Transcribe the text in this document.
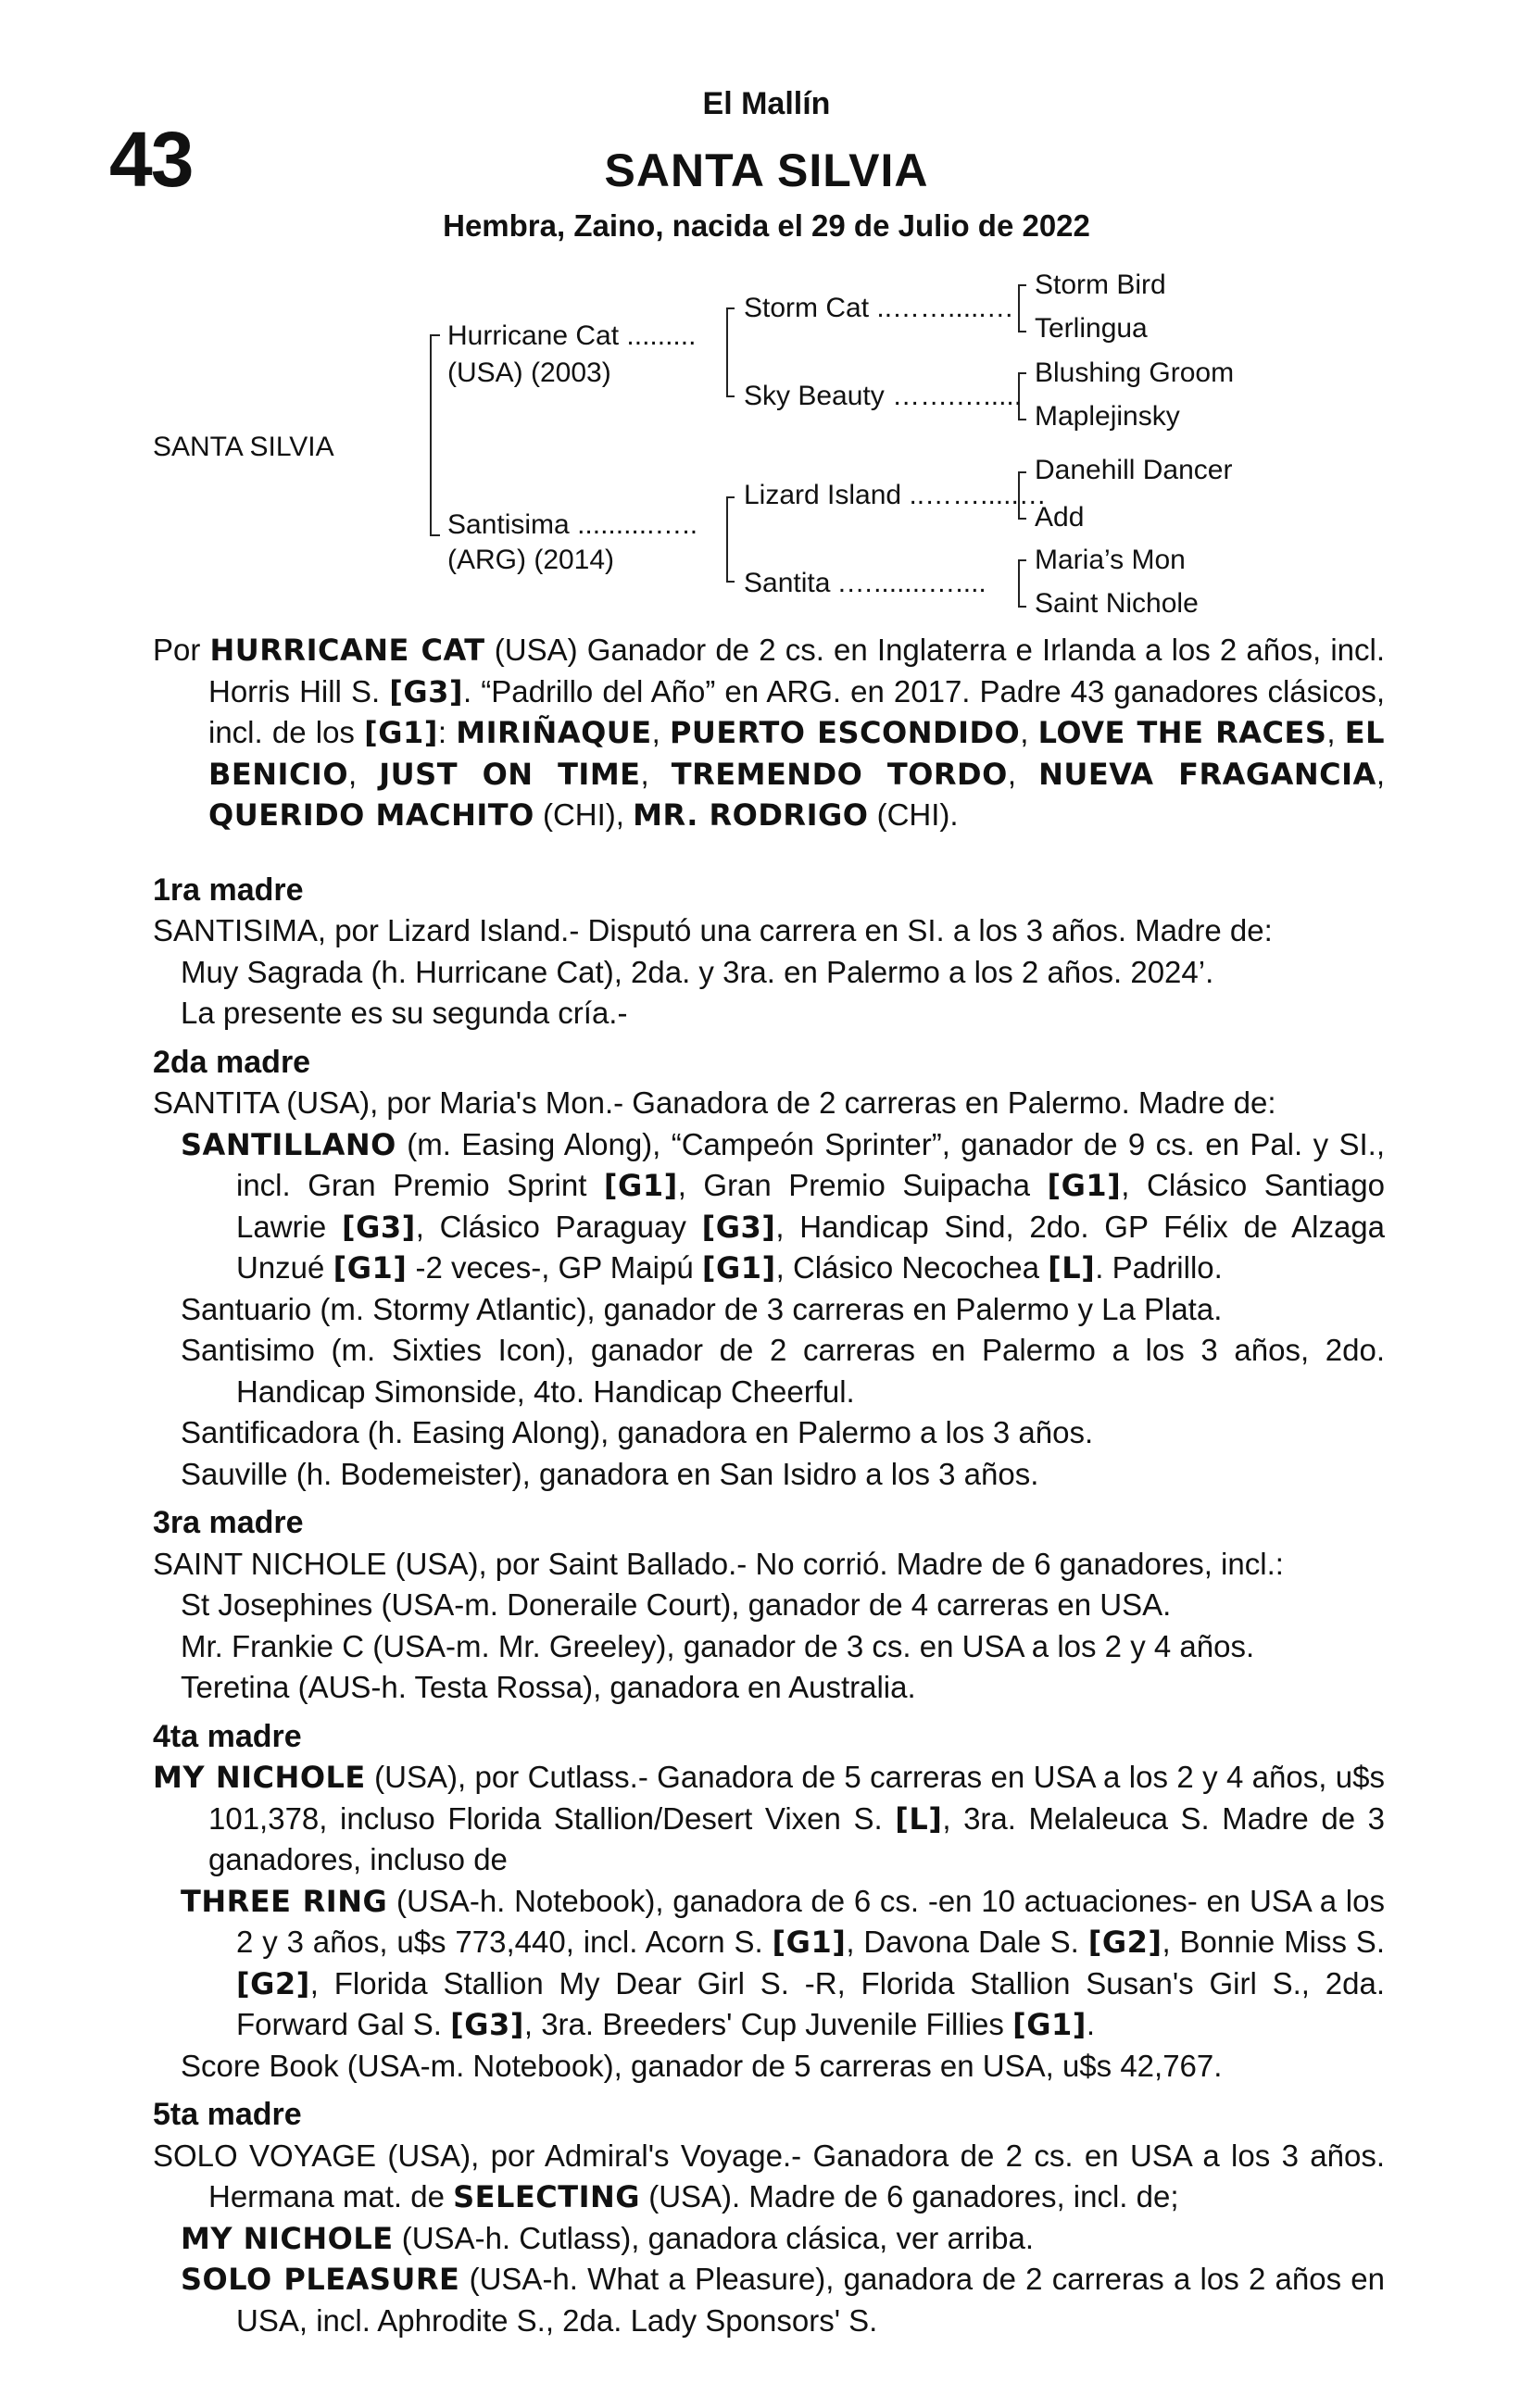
43
El Mallín
SANTA SILVIA
Hembra, Zaino, nacida el 29 de Julio de 2022
SANTA SILVIA
Hurricane Cat .........
(USA) (2003)
Santisima ..........…..
(ARG) (2014)
Storm Cat ..…….....…
Sky Beauty …….….....
Lizard Island ..…….....…
Santita .….......…....
Storm Bird
Terlingua
Blushing Groom
Maplejinsky
Danehill Dancer
Add
Maria’s Mon
Saint Nichole

Por HURRICANE CAT (USA) Ganador de 2 cs. en Inglaterra e Irlanda a los 2 años, incl. Horris Hill S. [G3]. “Padrillo del Año” en ARG. en 2017. Padre 43 ganadores clásicos, incl. de los [G1]: MIRIÑAQUE, PUERTO ESCONDIDO, LOVE THE RACES, EL BENICIO, JUST ON TIME, TREMENDO TORDO, NUEVA FRAGANCIA, QUERIDO MACHITO (CHI), MR. RODRIGO (CHI).

1ra madre

SANTISIMA, por Lizard Island.- Disputó una carrera en SI. a los 3 años. Madre de:

Muy Sagrada (h. Hurricane Cat), 2da. y 3ra. en Palermo a los 2 años. 2024’.

La presente es su segunda cría.-

2da madre

SANTITA (USA), por Maria's Mon.- Ganadora de 2 carreras en Palermo. Madre de:

SANTILLANO (m. Easing Along), “Campeón Sprinter”, ganador de 9 cs. en Pal. y SI., incl. Gran Premio Sprint [G1], Gran Premio Suipacha [G1], Clásico Santiago Lawrie [G3], Clásico Paraguay [G3], Handicap Sind, 2do. GP Félix de Alzaga Unzué [G1] -2 veces-, GP Maipú [G1], Clásico Necochea [L]. Padrillo.

Santuario (m. Stormy Atlantic), ganador de 3 carreras en Palermo y La Plata.

Santisimo (m. Sixties Icon), ganador de 2 carreras en Palermo a los 3 años, 2do. Handicap Simonside, 4to. Handicap Cheerful.

Santificadora (h. Easing Along), ganadora en Palermo a los 3 años.

Sauville (h. Bodemeister), ganadora en San Isidro a los 3 años.

3ra madre

SAINT NICHOLE (USA), por Saint Ballado.- No corrió. Madre de 6 ganadores, incl.:

St Josephines (USA-m. Doneraile Court), ganador de 4 carreras en USA.

Mr. Frankie C (USA-m. Mr. Greeley), ganador de 3 cs. en USA a los 2 y 4 años.

Teretina (AUS-h. Testa Rossa), ganadora en Australia.

4ta madre

MY NICHOLE (USA), por Cutlass.- Ganadora de 5 carreras en USA a los 2 y 4 años, u$s 101,378, incluso Florida Stallion/Desert Vixen S. [L], 3ra. Melaleuca S. Madre de 3 ganadores, incluso de

THREE RING (USA-h. Notebook), ganadora de 6 cs. -en 10 actuaciones- en USA a los 2 y 3 años, u$s 773,440, incl. Acorn S. [G1], Davona Dale S. [G2], Bonnie Miss S. [G2], Florida Stallion My Dear Girl S. -R, Florida Stallion Susan's Girl S., 2da. Forward Gal S. [G3], 3ra. Breeders' Cup Juvenile Fillies [G1].

Score Book (USA-m. Notebook), ganador de 5 carreras en USA, u$s 42,767.

5ta madre

SOLO VOYAGE (USA), por Admiral's Voyage.- Ganadora de 2 cs. en USA a los 3 años. Hermana mat. de SELECTING (USA). Madre de 6 ganadores, incl. de;

MY NICHOLE (USA-h. Cutlass), ganadora clásica, ver arriba.

SOLO PLEASURE (USA-h. What a Pleasure), ganadora de 2 carreras a los 2 años en USA, incl. Aphrodite S., 2da. Lady Sponsors' S.
